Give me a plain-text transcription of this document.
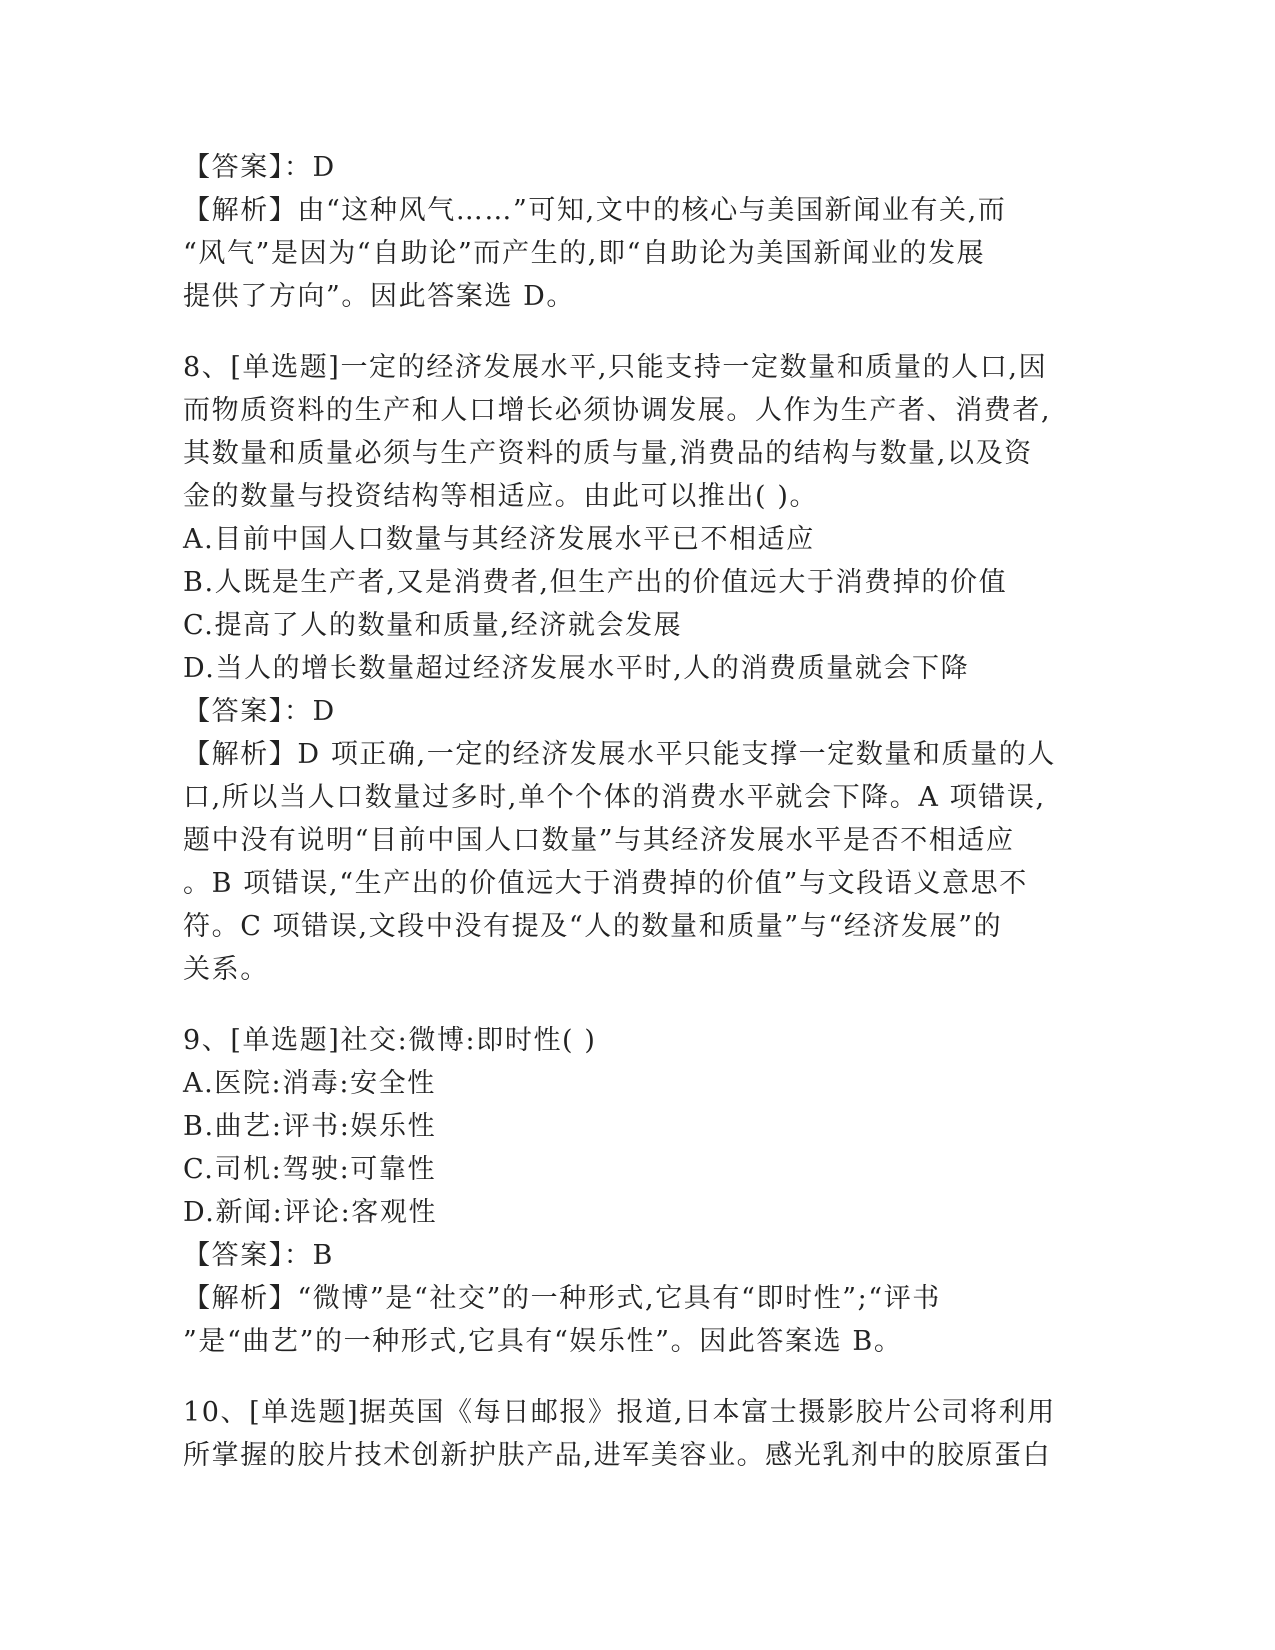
【答案】：D
【解析】由“这种风气……”可知,文中的核心与美国新闻业有关,而
“风气”是因为“自助论”而产生的,即“自助论为美国新闻业的发展
提供了方向”。因此答案选 D。
8、[单选题]一定的经济发展水平,只能支持一定数量和质量的人口,因
而物质资料的生产和人口增长必须协调发展。人作为生产者、消费者,
其数量和质量必须与生产资料的质与量,消费品的结构与数量,以及资
金的数量与投资结构等相适应。由此可以推出( )。
A.目前中国人口数量与其经济发展水平已不相适应
B.人既是生产者,又是消费者,但生产出的价值远大于消费掉的价值
C.提高了人的数量和质量,经济就会发展
D.当人的增长数量超过经济发展水平时,人的消费质量就会下降
【答案】：D
【解析】D 项正确,一定的经济发展水平只能支撑一定数量和质量的人
口,所以当人口数量过多时,单个个体的消费水平就会下降。A 项错误,
题中没有说明“目前中国人口数量”与其经济发展水平是否不相适应
。B 项错误,“生产出的价值远大于消费掉的价值”与文段语义意思不
符。C 项错误,文段中没有提及“人的数量和质量”与“经济发展”的
关系。
9、[单选题]社交:微博:即时性( )
A.医院:消毒:安全性
B.曲艺:评书:娱乐性
C.司机:驾驶:可靠性
D.新闻:评论:客观性
【答案】：B
【解析】“微博”是“社交”的一种形式,它具有“即时性”;“评书
”是“曲艺”的一种形式,它具有“娱乐性”。因此答案选 B。
10、[单选题]据英国《每日邮报》报道,日本富士摄影胶片公司将利用
所掌握的胶片技术创新护肤产品,进军美容业。感光乳剂中的胶原蛋白
